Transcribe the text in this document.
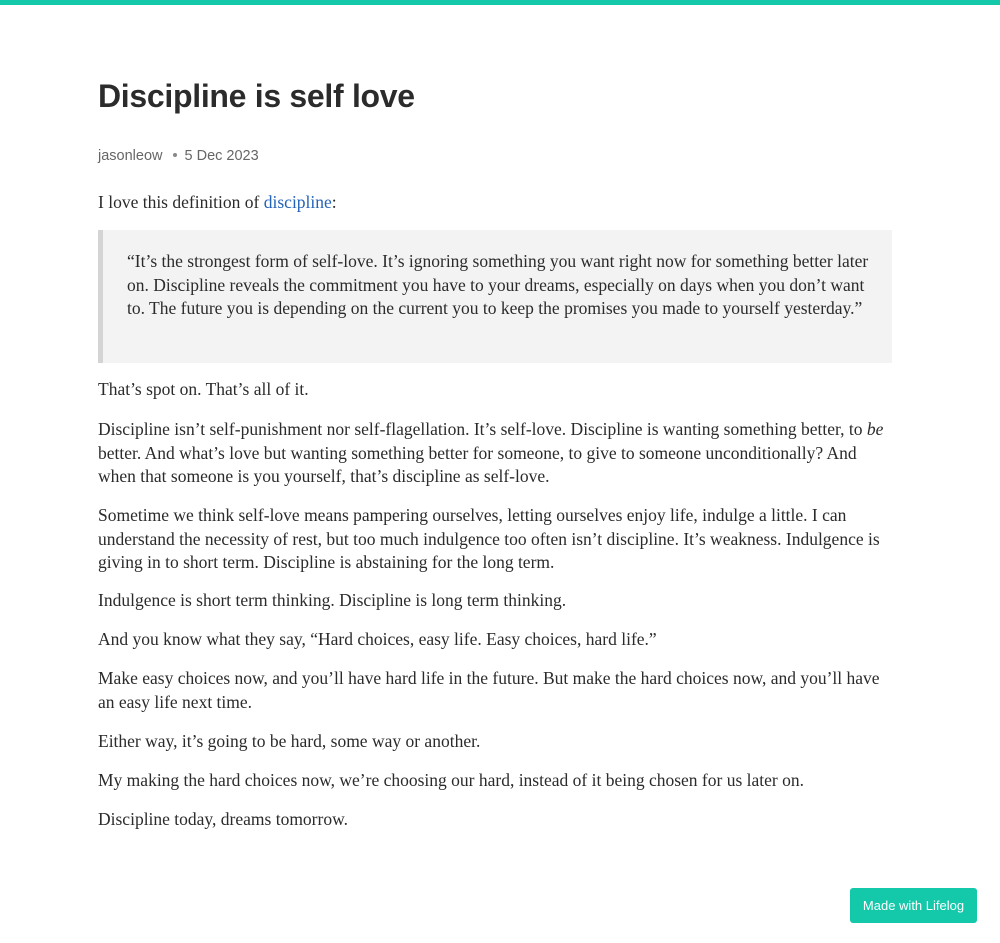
Discipline is self love
jasonleow 5 Dec 2023

I love this definition of discipline:

“It’s the strongest form of self-love. It’s ignoring something you want right now for something better later on. Discipline reveals the commitment you have to your dreams, especially on days when you don’t want to. The future you is depending on the current you to keep the promises you made to yourself yesterday.”

That’s spot on. That’s all of it.

Discipline isn’t self-punishment nor self-flagellation. It’s self-love. Discipline is wanting something better, to be better. And what’s love but wanting something better for someone, to give to someone unconditionally? And when that someone is you yourself, that’s discipline as self-love.

Sometime we think self-love means pampering ourselves, letting ourselves enjoy life, indulge a little. I can understand the necessity of rest, but too much indulgence too often isn’t discipline. It’s weakness. Indulgence is giving in to short term. Discipline is abstaining for the long term.

Indulgence is short term thinking. Discipline is long term thinking.

And you know what they say, “Hard choices, easy life. Easy choices, hard life.”

Make easy choices now, and you’ll have hard life in the future. But make the hard choices now, and you’ll have an easy life next time.

Either way, it’s going to be hard, some way or another.

My making the hard choices now, we’re choosing our hard, instead of it being chosen for us later on.

Discipline today, dreams tomorrow.

Made with Lifelog
